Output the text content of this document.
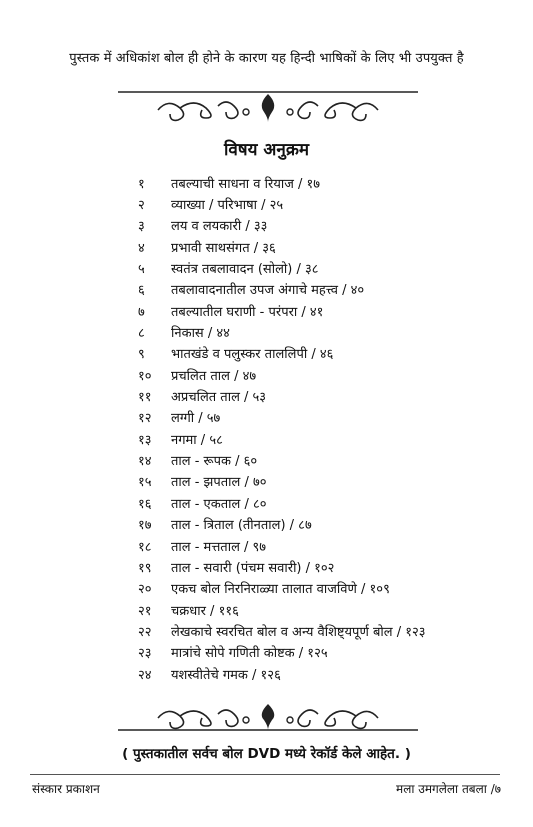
पुस्तक में अधिकांश बोल ही होने के कारण यह हिन्दी भाषिकों के लिए भी उपयुक्त है
विषय अनुक्रम
१	तबल्याची साधना व रियाज / १७
२	व्याख्या / परिभाषा / २५
३	लय व लयकारी / ३३
४	प्रभावी साथसंगत / ३६
५	स्वतंत्र तबलावादन (सोलो) / ३८
६	तबलावादनातील उपज अंगाचे महत्त्व / ४०
७	तबल्यातील घराणी - परंपरा / ४१
८	निकास / ४४
९	भातखंडे व पलुस्कर ताललिपी / ४६
१०	प्रचलित ताल / ४७
११	अप्रचलित ताल / ५३
१२	लग्गी / ५७
१३	नगमा / ५८
१४	ताल - रूपक / ६०
१५	ताल - झपताल / ७०
१६	ताल - एकताल / ८०
१७	ताल - त्रिताल (तीनताल) / ८७
१८	ताल - मत्तताल / ९७
१९	ताल - सवारी (पंचम सवारी) / १०२
२०	एकच बोल निरनिराळ्या तालात वाजविणे / १०९
२१	चक्रधार / ११६
२२	लेखकाचे स्वरचित बोल व अन्य वैशिष्ट्यपूर्ण बोल / १२३
२३	मात्रांचे सोपे गणिती कोष्टक / १२५
२४	यशस्वीतेचे गमक / १२६
( पुस्तकातील सर्वच बोल DVD मध्ये रेकॉर्ड केले आहेत. )
संस्कार प्रकाशन	मला उमगलेला तबला /७
